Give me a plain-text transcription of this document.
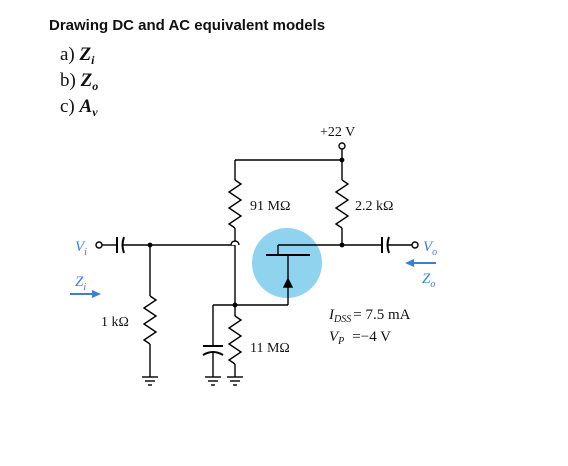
Drawing DC and AC equivalent models
a) $Z_i$
b) $Z_o$
c) $A_v$
+22 V
91 MΩ	2.2 kΩ
11 MΩ
1 kΩ
$V_i$	$V_o$
$Z_i$
$Z_o$
$I_{DSS} = 7.5$ mA
$V_P =-4$ V
